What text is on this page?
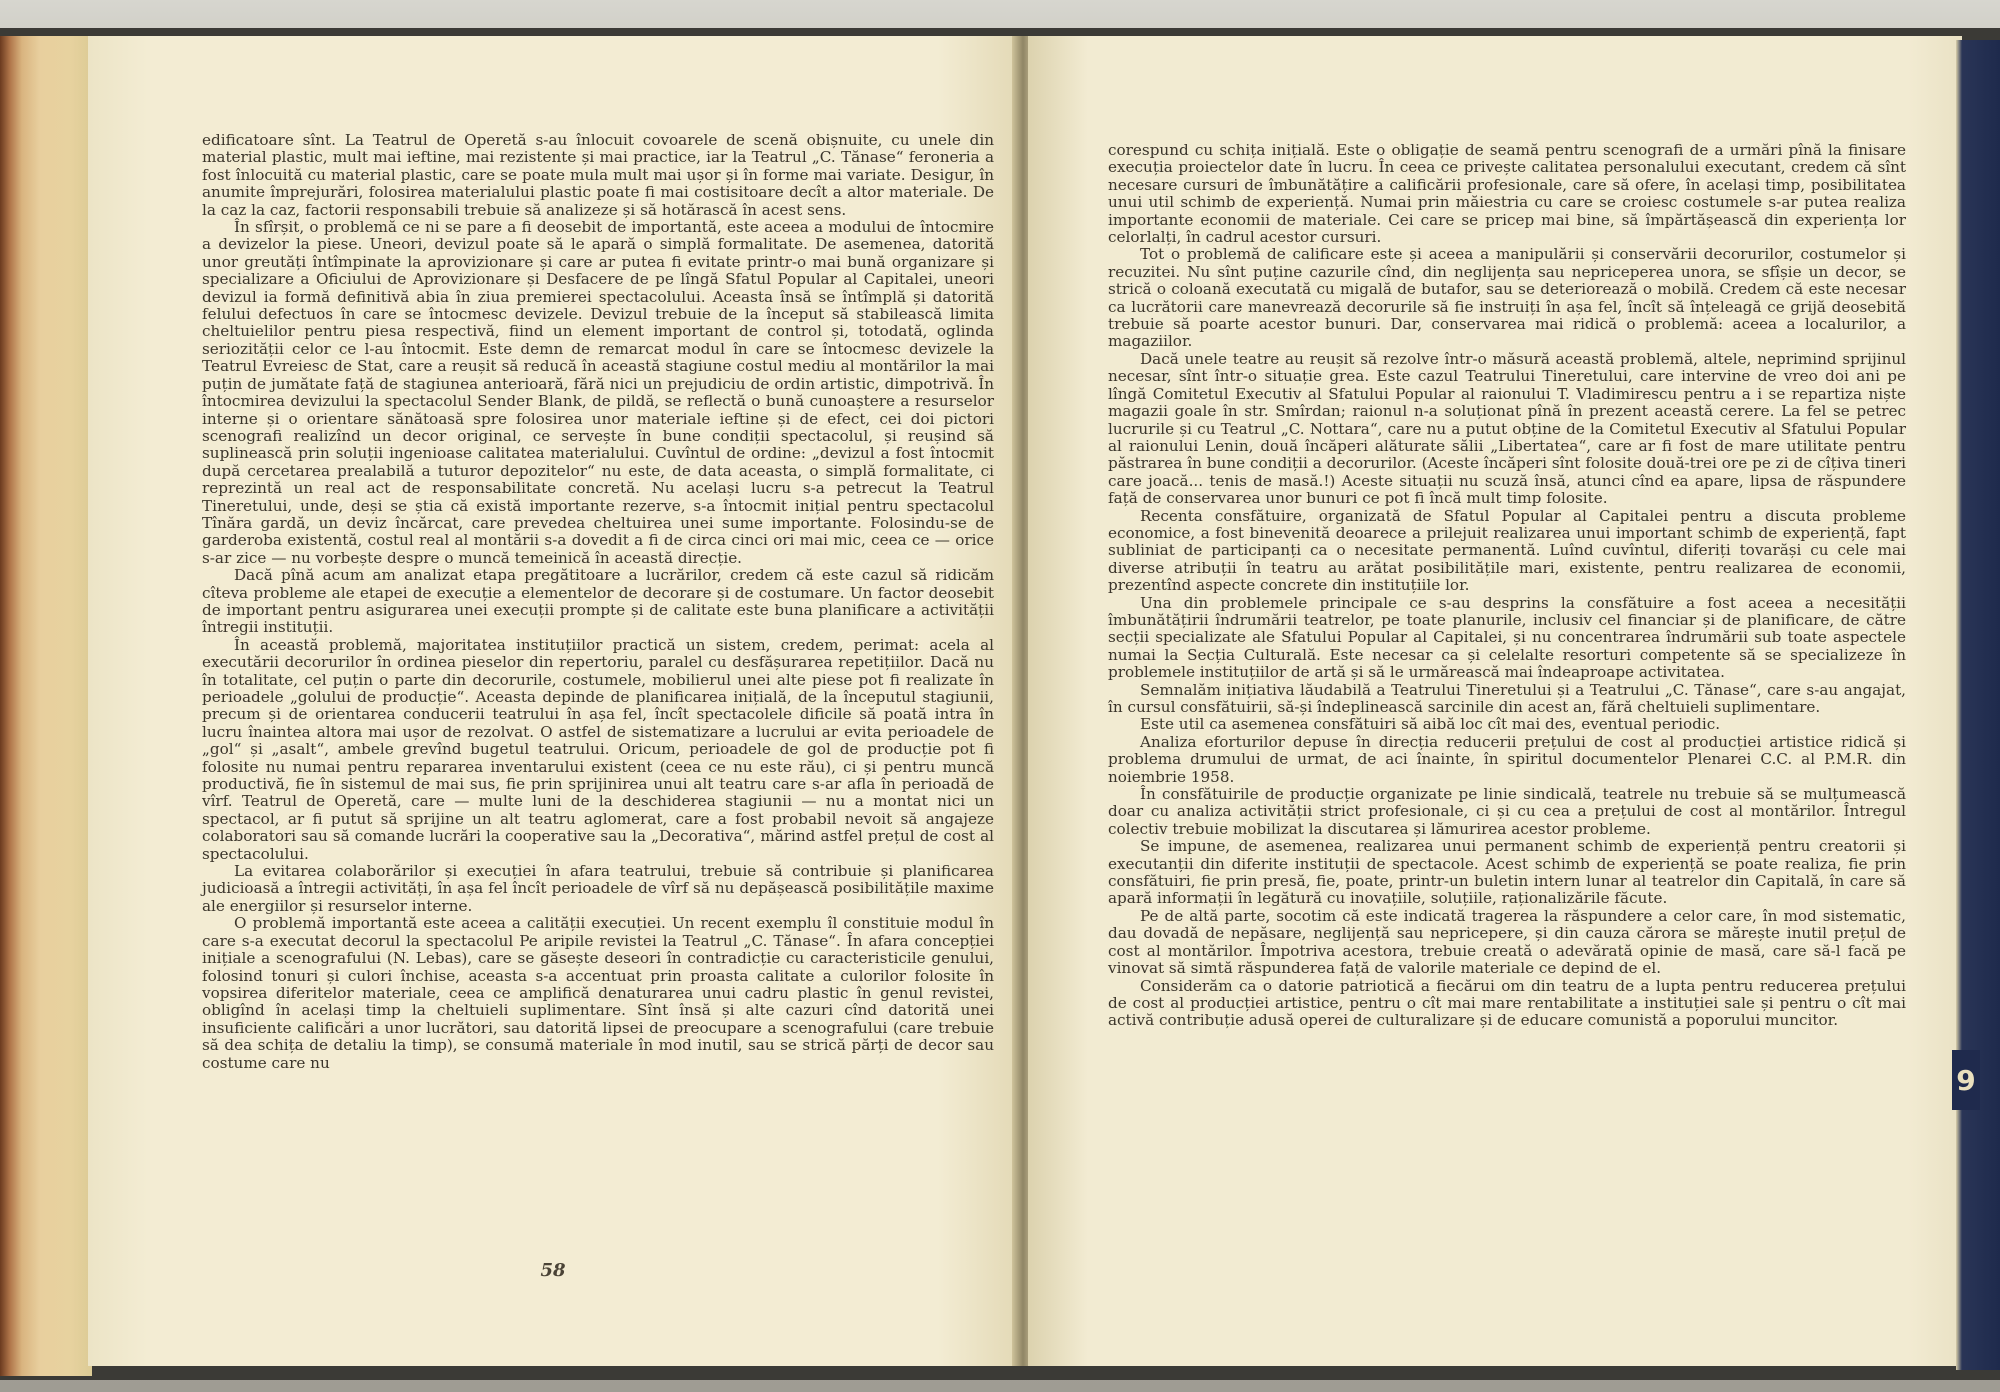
edificatoare sînt. La Teatrul de Operetă s-au înlocuit covoarele de scenă obișnuite, cu unele din material plastic, mult mai ieftine, mai rezistente și mai practice, iar la Teatrul „C. Tănase“ feroneria a fost înlocuită cu material plastic, care se poate mula mult mai ușor și în forme mai variate. Desigur, în anumite împrejurări, folosirea materialului plastic poate fi mai costisitoare decît a altor materiale. De la caz la caz, factorii responsabili trebuie să analizeze și să hotărască în acest sens.

În sfîrșit, o problemă ce ni se pare a fi deosebit de importantă, este aceea a modului de întocmire a devizelor la piese. Uneori, devizul poate să le apară o simplă formalitate. De asemenea, datorită unor greutăți întîmpinate la aprovizionare și care ar putea fi evitate printr-o mai bună organizare și specializare a Oficiului de Aprovizionare și Desfacere de pe lîngă Sfatul Popular al Capitalei, uneori devizul ia formă definitivă abia în ziua premierei spectacolului. Aceasta însă se întîmplă și datorită felului defectuos în care se întocmesc devizele. Devizul trebuie de la început să stabilească limita cheltuielilor pentru piesa respectivă, fiind un element important de control și, totodată, oglinda seriozității celor ce l-au întocmit. Este demn de remarcat modul în care se întocmesc devizele la Teatrul Evreiesc de Stat, care a reușit să reducă în această stagiune costul mediu al montărilor la mai puțin de jumătate față de stagiunea anterioară, fără nici un prejudiciu de ordin artistic, dimpotrivă. În întocmirea devizului la spectacolul Sender Blank, de pildă, se reflectă o bună cunoaștere a resurselor interne și o orientare sănătoasă spre folosirea unor materiale ieftine și de efect, cei doi pictori scenografi realizînd un decor original, ce servește în bune condiții spectacolul, și reușind să suplinească prin soluții ingenioase calitatea materialului. Cuvîntul de ordine: „devizul a fost întocmit după cercetarea prealabilă a tuturor depozitelor“ nu este, de data aceasta, o simplă formalitate, ci reprezintă un real act de responsabilitate concretă. Nu același lucru s-a petrecut la Teatrul Tineretului, unde, deși se știa că există importante rezerve, s-a întocmit inițial pentru spectacolul Tînăra gardă, un deviz încărcat, care prevedea cheltuirea unei sume importante. Folosindu-se de garderoba existentă, costul real al montării s-a dovedit a fi de circa cinci ori mai mic, ceea ce — orice s-ar zice — nu vorbește despre o muncă temeinică în această direcție.

Dacă pînă acum am analizat etapa pregătitoare a lucrărilor, credem că este cazul să ridicăm cîteva probleme ale etapei de execuție a elementelor de decorare și de costumare. Un factor deosebit de important pentru asigurarea unei execuții prompte și de calitate este buna planificare a activității întregii instituții.

În această problemă, majoritatea instituțiilor practică un sistem, credem, perimat: acela al executării decorurilor în ordinea pieselor din repertoriu, paralel cu desfășurarea repetițiilor. Dacă nu în totalitate, cel puțin o parte din decorurile, costumele, mobilierul unei alte piese pot fi realizate în perioadele „golului de producție“. Aceasta depinde de planificarea inițială, de la începutul stagiunii, precum și de orientarea conducerii teatrului în așa fel, încît spectacolele dificile să poată intra în lucru înaintea altora mai ușor de rezolvat. O astfel de sistematizare a lucrului ar evita perioadele de „gol“ și „asalt“, ambele grevînd bugetul teatrului. Oricum, perioadele de gol de producție pot fi folosite nu numai pentru repararea inventarului existent (ceea ce nu este rău), ci și pentru muncă productivă, fie în sistemul de mai sus, fie prin sprijinirea unui alt teatru care s-ar afla în perioadă de vîrf. Teatrul de Operetă, care — multe luni de la deschiderea stagiunii — nu a montat nici un spectacol, ar fi putut să sprijine un alt teatru aglomerat, care a fost probabil nevoit să angajeze colaboratori sau să comande lucrări la cooperative sau la „Decorativa“, mărind astfel prețul de cost al spectacolului.

La evitarea colaborărilor și execuției în afara teatrului, trebuie să contribuie și planificarea judicioasă a întregii activități, în așa fel încît perioadele de vîrf să nu depășească posibilitățile maxime ale energiilor și resurselor interne.

O problemă importantă este aceea a calității execuției. Un recent exemplu îl constituie modul în care s-a executat decorul la spectacolul Pe aripile revistei la Teatrul „C. Tănase“. În afara concepției inițiale a scenografului (N. Lebas), care se găsește deseori în contradicție cu caracteristicile genului, folosind tonuri și culori închise, aceasta s-a accentuat prin proasta calitate a culorilor folosite în vopsirea diferitelor materiale, ceea ce amplifică denaturarea unui cadru plastic în genul revistei, obligînd în același timp la cheltuieli suplimentare. Sînt însă și alte cazuri cînd datorită unei insuficiente calificări a unor lucrători, sau datorită lipsei de preocupare a scenografului (care trebuie să dea schița de detaliu la timp), se consumă materiale în mod inutil, sau se strică părți de decor sau costume care nu

58

corespund cu schița inițială. Este o obligație de seamă pentru scenografi de a urmări pînă la finisare execuția proiectelor date în lucru. În ceea ce privește calitatea personalului executant, credem că sînt necesare cursuri de îmbunătățire a calificării profesionale, care să ofere, în același timp, posibilitatea unui util schimb de experiență. Numai prin măiestria cu care se croiesc costumele s-ar putea realiza importante economii de materiale. Cei care se pricep mai bine, să împărtășească din experiența lor celorlalți, în cadrul acestor cursuri.

Tot o problemă de calificare este și aceea a manipulării și conservării decorurilor, costumelor și recuzitei. Nu sînt puține cazurile cînd, din neglijența sau nepriceperea unora, se sfîșie un decor, se strică o coloană executată cu migală de butafor, sau se deteriorează o mobilă. Credem că este necesar ca lucrătorii care manevrează decorurile să fie instruiți în așa fel, încît să înțeleagă ce grijă deosebită trebuie să poarte acestor bunuri. Dar, conservarea mai ridică o problemă: aceea a localurilor, a magaziilor.

Dacă unele teatre au reușit să rezolve într-o măsură această problemă, altele, neprimind sprijinul necesar, sînt într-o situație grea. Este cazul Teatrului Tineretului, care intervine de vreo doi ani pe lîngă Comitetul Executiv al Sfatului Popular al raionului T. Vladimirescu pentru a i se repartiza niște magazii goale în str. Smîrdan; raionul n-a soluționat pînă în prezent această cerere. La fel se petrec lucrurile și cu Teatrul „C. Nottara“, care nu a putut obține de la Comitetul Executiv al Sfatului Popular al raionului Lenin, două încăperi alăturate sălii „Libertatea“, care ar fi fost de mare utilitate pentru păstrarea în bune condiții a decorurilor. (Aceste încăperi sînt folosite două-trei ore pe zi de cîțiva tineri care joacă... tenis de masă.!) Aceste situații nu scuză însă, atunci cînd ea apare, lipsa de răspundere față de conservarea unor bunuri ce pot fi încă mult timp folosite.

Recenta consfătuire, organizată de Sfatul Popular al Capitalei pentru a discuta probleme economice, a fost binevenită deoarece a prilejuit realizarea unui important schimb de experiență, fapt subliniat de participanți ca o necesitate permanentă. Luînd cuvîntul, diferiți tovarăși cu cele mai diverse atribuții în teatru au arătat posibilitățile mari, existente, pentru realizarea de economii, prezentînd aspecte concrete din instituțiile lor.

Una din problemele principale ce s-au desprins la consfătuire a fost aceea a necesității îmbunătățirii îndrumării teatrelor, pe toate planurile, inclusiv cel financiar și de planificare, de către secții specializate ale Sfatului Popular al Capitalei, și nu concentrarea îndrumării sub toate aspectele numai la Secția Culturală. Este necesar ca și celelalte resorturi competente să se specializeze în problemele instituțiilor de artă și să le urmărească mai îndeaproape activitatea.

Semnalăm inițiativa lăudabilă a Teatrului Tineretului și a Teatrului „C. Tănase“, care s-au angajat, în cursul consfătuirii, să-și îndeplinească sarcinile din acest an, fără cheltuieli suplimentare.

Este util ca asemenea consfătuiri să aibă loc cît mai des, eventual periodic.

Analiza eforturilor depuse în direcția reducerii prețului de cost al producției artistice ridică și problema drumului de urmat, de aci înainte, în spiritul documentelor Plenarei C.C. al P.M.R. din noiembrie 1958.

În consfătuirile de producție organizate pe linie sindicală, teatrele nu trebuie să se mulțumească doar cu analiza activității strict profesionale, ci și cu cea a prețului de cost al montărilor. Întregul colectiv trebuie mobilizat la discutarea și lămurirea acestor probleme.

Se impune, de asemenea, realizarea unui permanent schimb de experiență pentru creatorii și executanții din diferite instituții de spectacole. Acest schimb de experiență se poate realiza, fie prin consfătuiri, fie prin presă, fie, poate, printr-un buletin intern lunar al teatrelor din Capitală, în care să apară informații în legătură cu inovațiile, soluțiile, raționalizările făcute.

Pe de altă parte, socotim că este indicată tragerea la răspundere a celor care, în mod sistematic, dau dovadă de nepăsare, neglijență sau nepricepere, și din cauza cărora se mărește inutil prețul de cost al montărilor. Împotriva acestora, trebuie creată o adevărată opinie de masă, care să-l facă pe vinovat să simtă răspunderea față de valorile materiale ce depind de el.

Considerăm ca o datorie patriotică a fiecărui om din teatru de a lupta pentru reducerea prețului de cost al producției artistice, pentru o cît mai mare rentabilitate a instituției sale și pentru o cît mai activă contribuție adusă operei de culturalizare și de educare comunistă a poporului muncitor.

9
